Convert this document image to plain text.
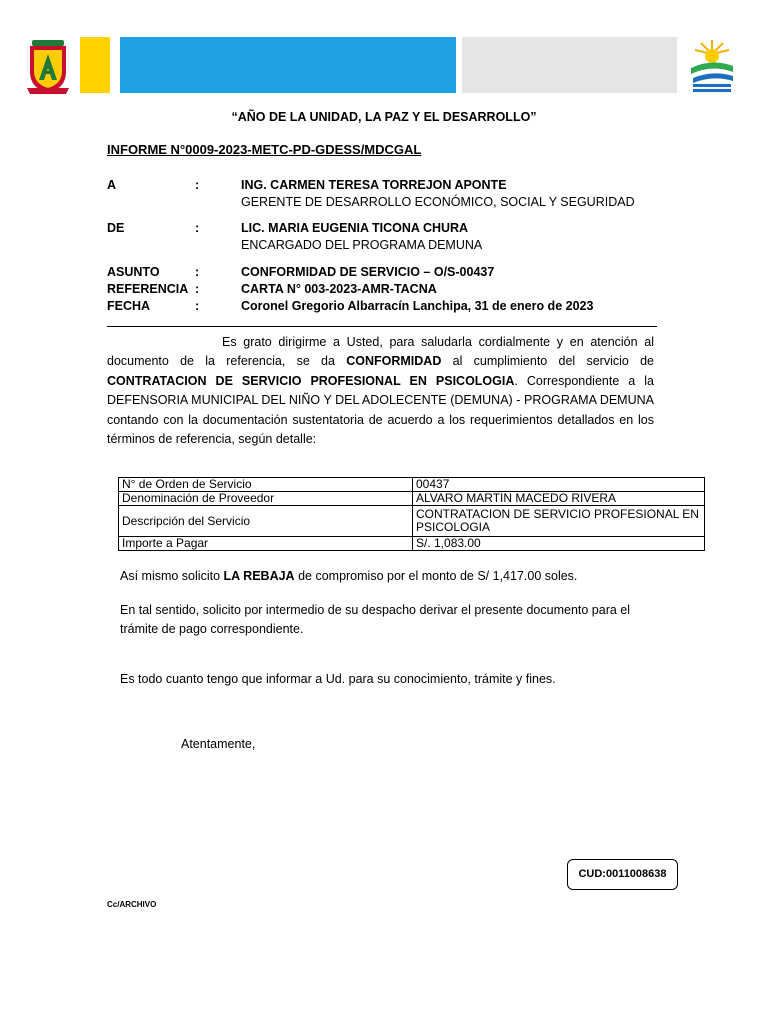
“AÑO DE LA UNIDAD, LA PAZ Y EL DESARROLLO”
INFORME N°0009-2023-METC-PD-GDESS/MDCGAL
A	:	ING. CARMEN TERESA TORREJON APONTE
GERENTE DE DESARROLLO ECONÓMICO, SOCIAL Y SEGURIDAD
DE	:	LIC. MARIA EUGENIA TICONA CHURA
ENCARGADO DEL PROGRAMA DEMUNA
ASUNTO	:	CONFORMIDAD DE SERVICIO – O/S-00437
REFERENCIA :	CARTA N° 003-2023-AMR-TACNA
FECHA	:	Coronel Gregorio Albarracín Lanchipa, 31 de enero de 2023
Es grato dirigirme a Usted, para saludarla cordialmente y en atención al documento de la referencia, se da CONFORMIDAD al cumplimiento del servicio de CONTRATACION DE SERVICIO PROFESIONAL EN PSICOLOGIA. Correspondiente a la DEFENSORIA MUNICIPAL DEL NIÑO Y DEL ADOLECENTE (DEMUNA) - PROGRAMA DEMUNA contando con la documentación sustentatoria de acuerdo a los requerimientos detallados en los términos de referencia, según detalle:
N° de Orden de Servicio	00437
Denominación de Proveedor	ALVARO MARTIN MACEDO RIVERA
Descripción del Servicio	CONTRATACION DE SERVICIO PROFESIONAL EN PSICOLOGIA
Importe a Pagar	S/. 1,083.00
Así mismo solicito LA REBAJA de compromiso por el monto de S/ 1,417.00 soles.
En tal sentido, solicito por intermedio de su despacho derivar el presente documento para el
trámite de pago correspondiente.
Es todo cuanto tengo que informar a Ud. para su conocimiento, trámite y fines.
Atentamente,
CUD:0011008638
Cc/ARCHIVO
